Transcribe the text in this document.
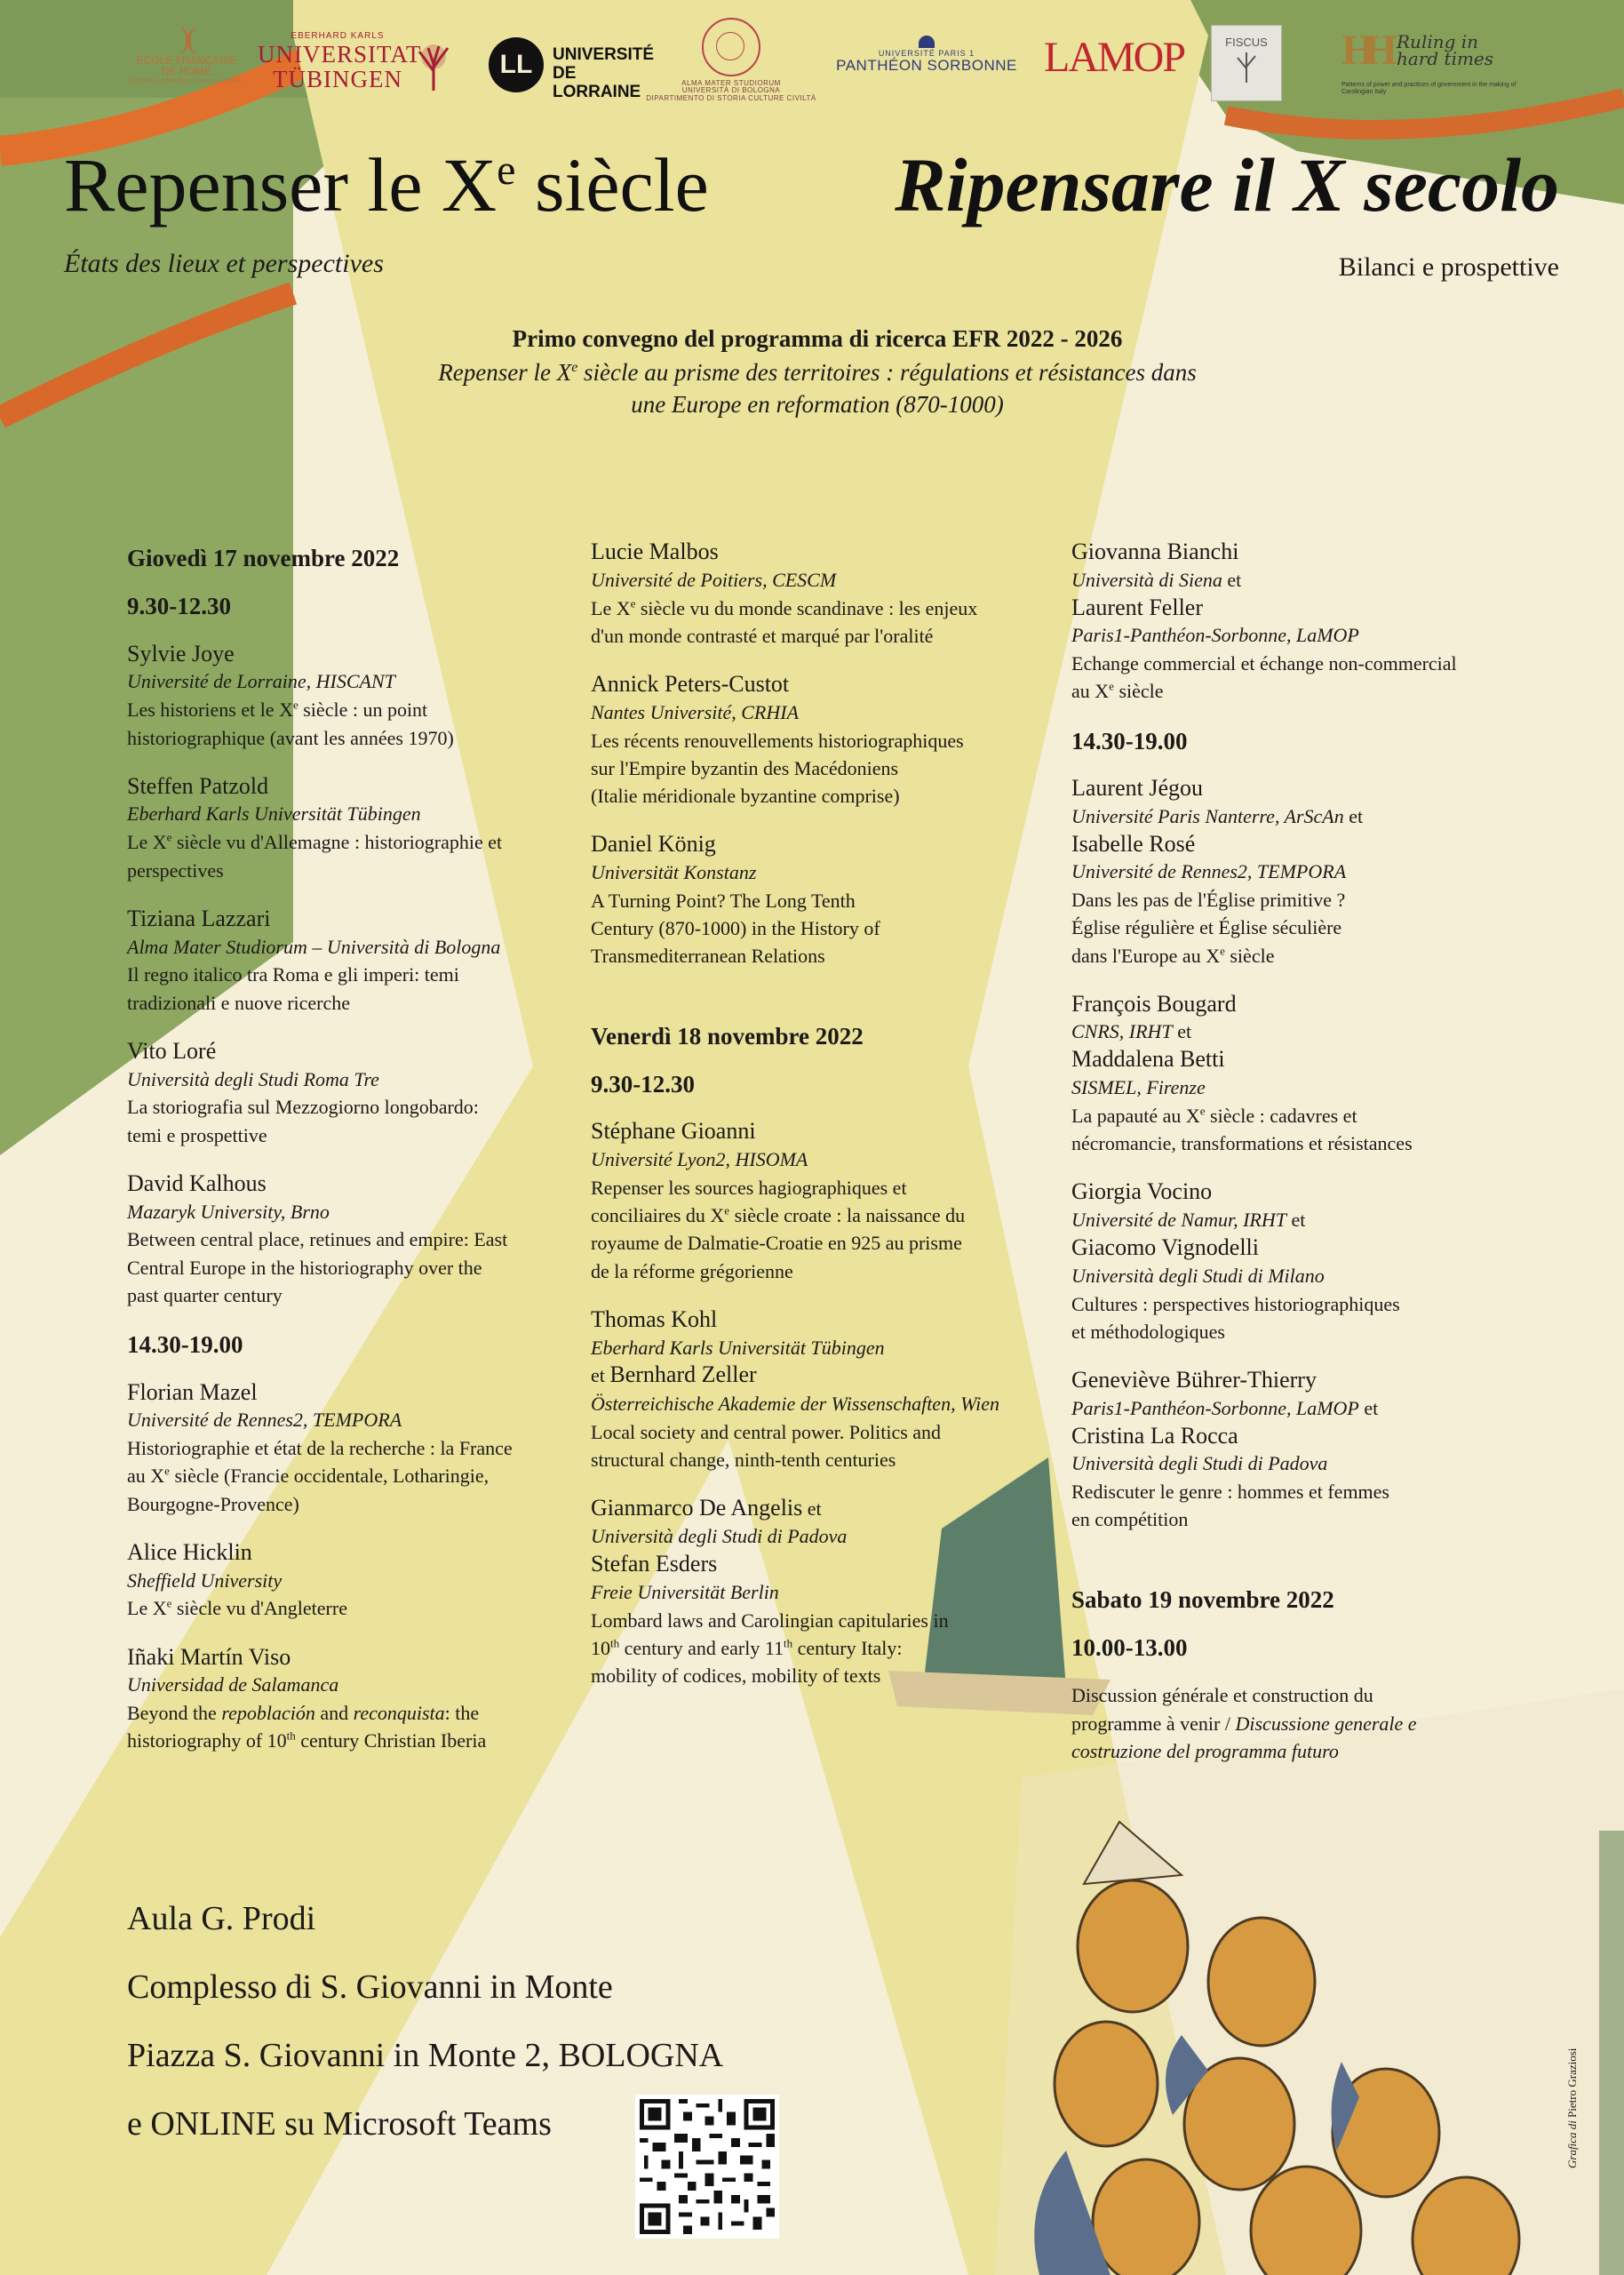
)(
ÉCOLE FRANÇAISE
DE ROME
Histoire, Archéologie, Sciences sociales
EBERHARD KARLS
UNIVERSITAT
TÜBINGEN	LL	UNIVERSITÉ
DE LORRAINE	ALMA MATER STUDIORUM
UNIVERSITÀ DI BOLOGNA
DIPARTIMENTO DI STORIA CULTURE CIVILTÀ
UNIVERSITÉ PARIS 1
PANTHÉON SORBONNE LAMOP	FISCUS	HH Ruling in
hard times
Patterns of power and practices of government in the making of Carolingian Italy
Repenser le Xe siècle Ripensare il X secolo
États des lieux et perspectives	Bilanci e prospettive
Primo convegno del programma di ricerca EFR 2022 - 2026
Repenser le Xe siècle au prisme des territoires : régulations et résistances dans
une Europe en reformation (870-1000)
Giovedì 17 novembre 2022
9.30-12.30
Sylvie Joye
Université de Lorraine, HISCANT
Les historiens et le Xe siècle : un point
historiographique (avant les années 1970)
Steffen Patzold
Eberhard Karls Universität Tübingen
Le Xe siècle vu d'Allemagne : historiographie et
perspectives
Tiziana Lazzari
Alma Mater Studiorum – Università di Bologna
Il regno italico tra Roma e gli imperi: temi
tradizionali e nuove ricerche
Vito Loré
Università degli Studi Roma Tre
La storiografia sul Mezzogiorno longobardo:
temi e prospettive
David Kalhous
Mazaryk University, Brno
Between central place, retinues and empire: East
Central Europe in the historiography over the
past quarter century
14.30-19.00
Florian Mazel
Université de Rennes2, TEMPORA
Historiographie et état de la recherche : la France
au Xe siècle (Francie occidentale, Lotharingie,
Bourgogne-Provence)
Alice Hicklin
Sheffield University
Le Xe siècle vu d'Angleterre
Iñaki Martín Viso
Universidad de Salamanca
Beyond the repoblación and reconquista: the
historiography of 10th century Christian Iberia
Lucie Malbos
Université de Poitiers, CESCM
Le Xe siècle vu du monde scandinave : les enjeux
d'un monde contrasté et marqué par l'oralité
Annick Peters-Custot
Nantes Université, CRHIA
Les récents renouvellements historiographiques
sur l'Empire byzantin des Macédoniens
(Italie méridionale byzantine comprise)
Daniel König
Universität Konstanz
A Turning Point? The Long Tenth
Century (870-1000) in the History of
Transmediterranean Relations
Venerdì 18 novembre 2022
9.30-12.30
Stéphane Gioanni
Université Lyon2, HISOMA
Repenser les sources hagiographiques et
conciliaires du Xe siècle croate : la naissance du
royaume de Dalmatie-Croatie en 925 au prisme
de la réforme grégorienne
Thomas Kohl
Eberhard Karls Universität Tübingen
et Bernhard Zeller
Österreichische Akademie der Wissenschaften, Wien
Local society and central power. Politics and
structural change, ninth-tenth centuries
Gianmarco De Angelis et
Università degli Studi di Padova
Stefan Esders
Freie Universität Berlin
Lombard laws and Carolingian capitularies in
10th century and early 11th century Italy:
mobility of codices, mobility of texts
Giovanna Bianchi
Università di Siena et
Laurent Feller
Paris1-Panthéon-Sorbonne, LaMOP
Echange commercial et échange non-commercial
au Xe siècle
14.30-19.00
Laurent Jégou
Université Paris Nanterre, ArScAn et
Isabelle Rosé
Université de Rennes2, TEMPORA
Dans les pas de l'Église primitive ?
Église régulière et Église séculière
dans l'Europe au Xe siècle
François Bougard
CNRS, IRHT et
Maddalena Betti
SISMEL, Firenze
La papauté au Xe siècle : cadavres et
nécromancie, transformations et résistances
Giorgia Vocino
Université de Namur, IRHT et
Giacomo Vignodelli
Università degli Studi di Milano
Cultures : perspectives historiographiques
et méthodologiques
Geneviève Bührer-Thierry
Paris1-Panthéon-Sorbonne, LaMOP et
Cristina La Rocca
Università degli Studi di Padova
Rediscuter le genre : hommes et femmes
en compétition
Sabato 19 novembre 2022
10.00-13.00
Discussion générale et construction du
programme à venir / Discussione generale e
costruzione del programma futuro
Aula G. Prodi
Complesso di S. Giovanni in Monte
Piazza S. Giovanni in Monte 2, BOLOGNA
e ONLINE su Microsoft Teams	Grafica di Pietro Graziosi
